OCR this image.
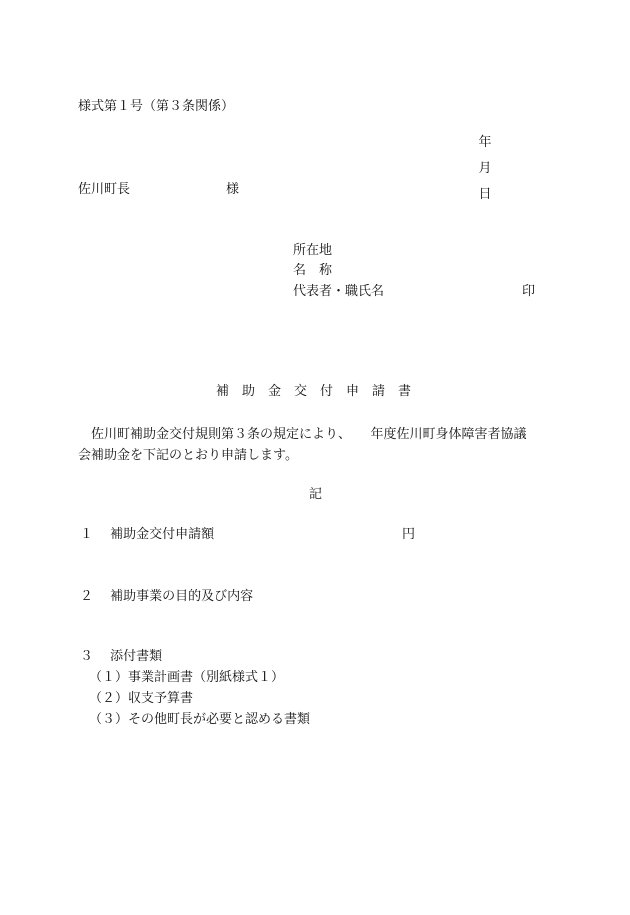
様式第１号（第３条関係）

年

月

日

佐川町長	様

所在地

名　称

代表者・職氏名	印

補　助　金　交　付　申　請　書

佐川町補助金交付規則第３条の規定により、　　年度佐川町身体障害者協議

会補助金を下記のとおり申請します。

記

１　 補助金交付申請額	円

２　 補助事業の目的及び内容

３　 添付書類

（１）事業計画書（別紙様式１）

（２）収支予算書

（３）その他町長が必要と認める書類
